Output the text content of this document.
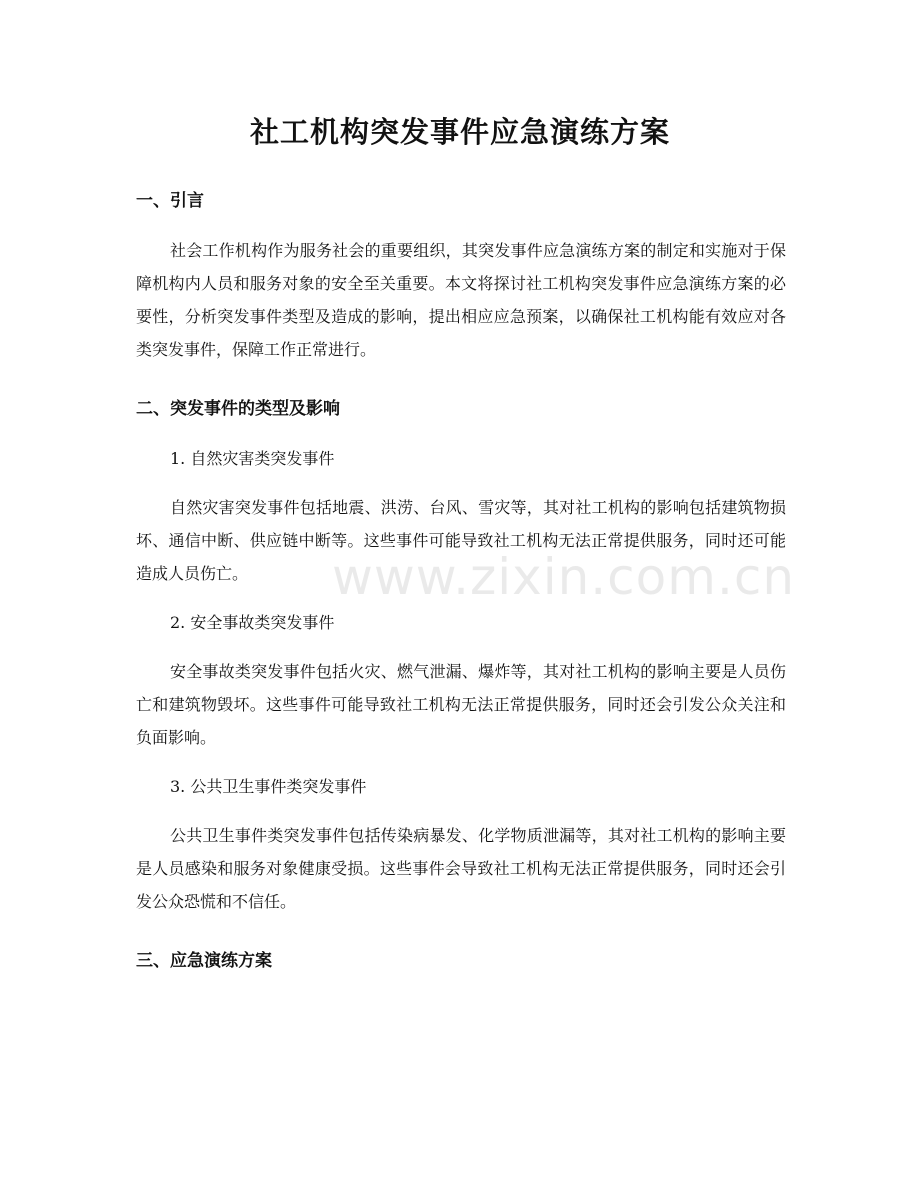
社工机构突发事件应急演练方案
一、引言

社会工作机构作为服务社会的重要组织，其突发事件应急演练方案的制定和实施对于保障机构内人员和服务对象的安全至关重要。本文将探讨社工机构突发事件应急演练方案的必要性，分析突发事件类型及造成的影响，提出相应应急预案，以确保社工机构能有效应对各类突发事件，保障工作正常进行。

二、突发事件的类型及影响

1. 自然灾害类突发事件

自然灾害突发事件包括地震、洪涝、台风、雪灾等，其对社工机构的影响包括建筑物损坏、通信中断、供应链中断等。这些事件可能导致社工机构无法正常提供服务，同时还可能造成人员伤亡。

2. 安全事故类突发事件

安全事故类突发事件包括火灾、燃气泄漏、爆炸等，其对社工机构的影响主要是人员伤亡和建筑物毁坏。这些事件可能导致社工机构无法正常提供服务，同时还会引发公众关注和负面影响。

3. 公共卫生事件类突发事件

公共卫生事件类突发事件包括传染病暴发、化学物质泄漏等，其对社工机构的影响主要是人员感染和服务对象健康受损。这些事件会导致社工机构无法正常提供服务，同时还会引发公众恐慌和不信任。

三、应急演练方案
www.zixin.com.cn
